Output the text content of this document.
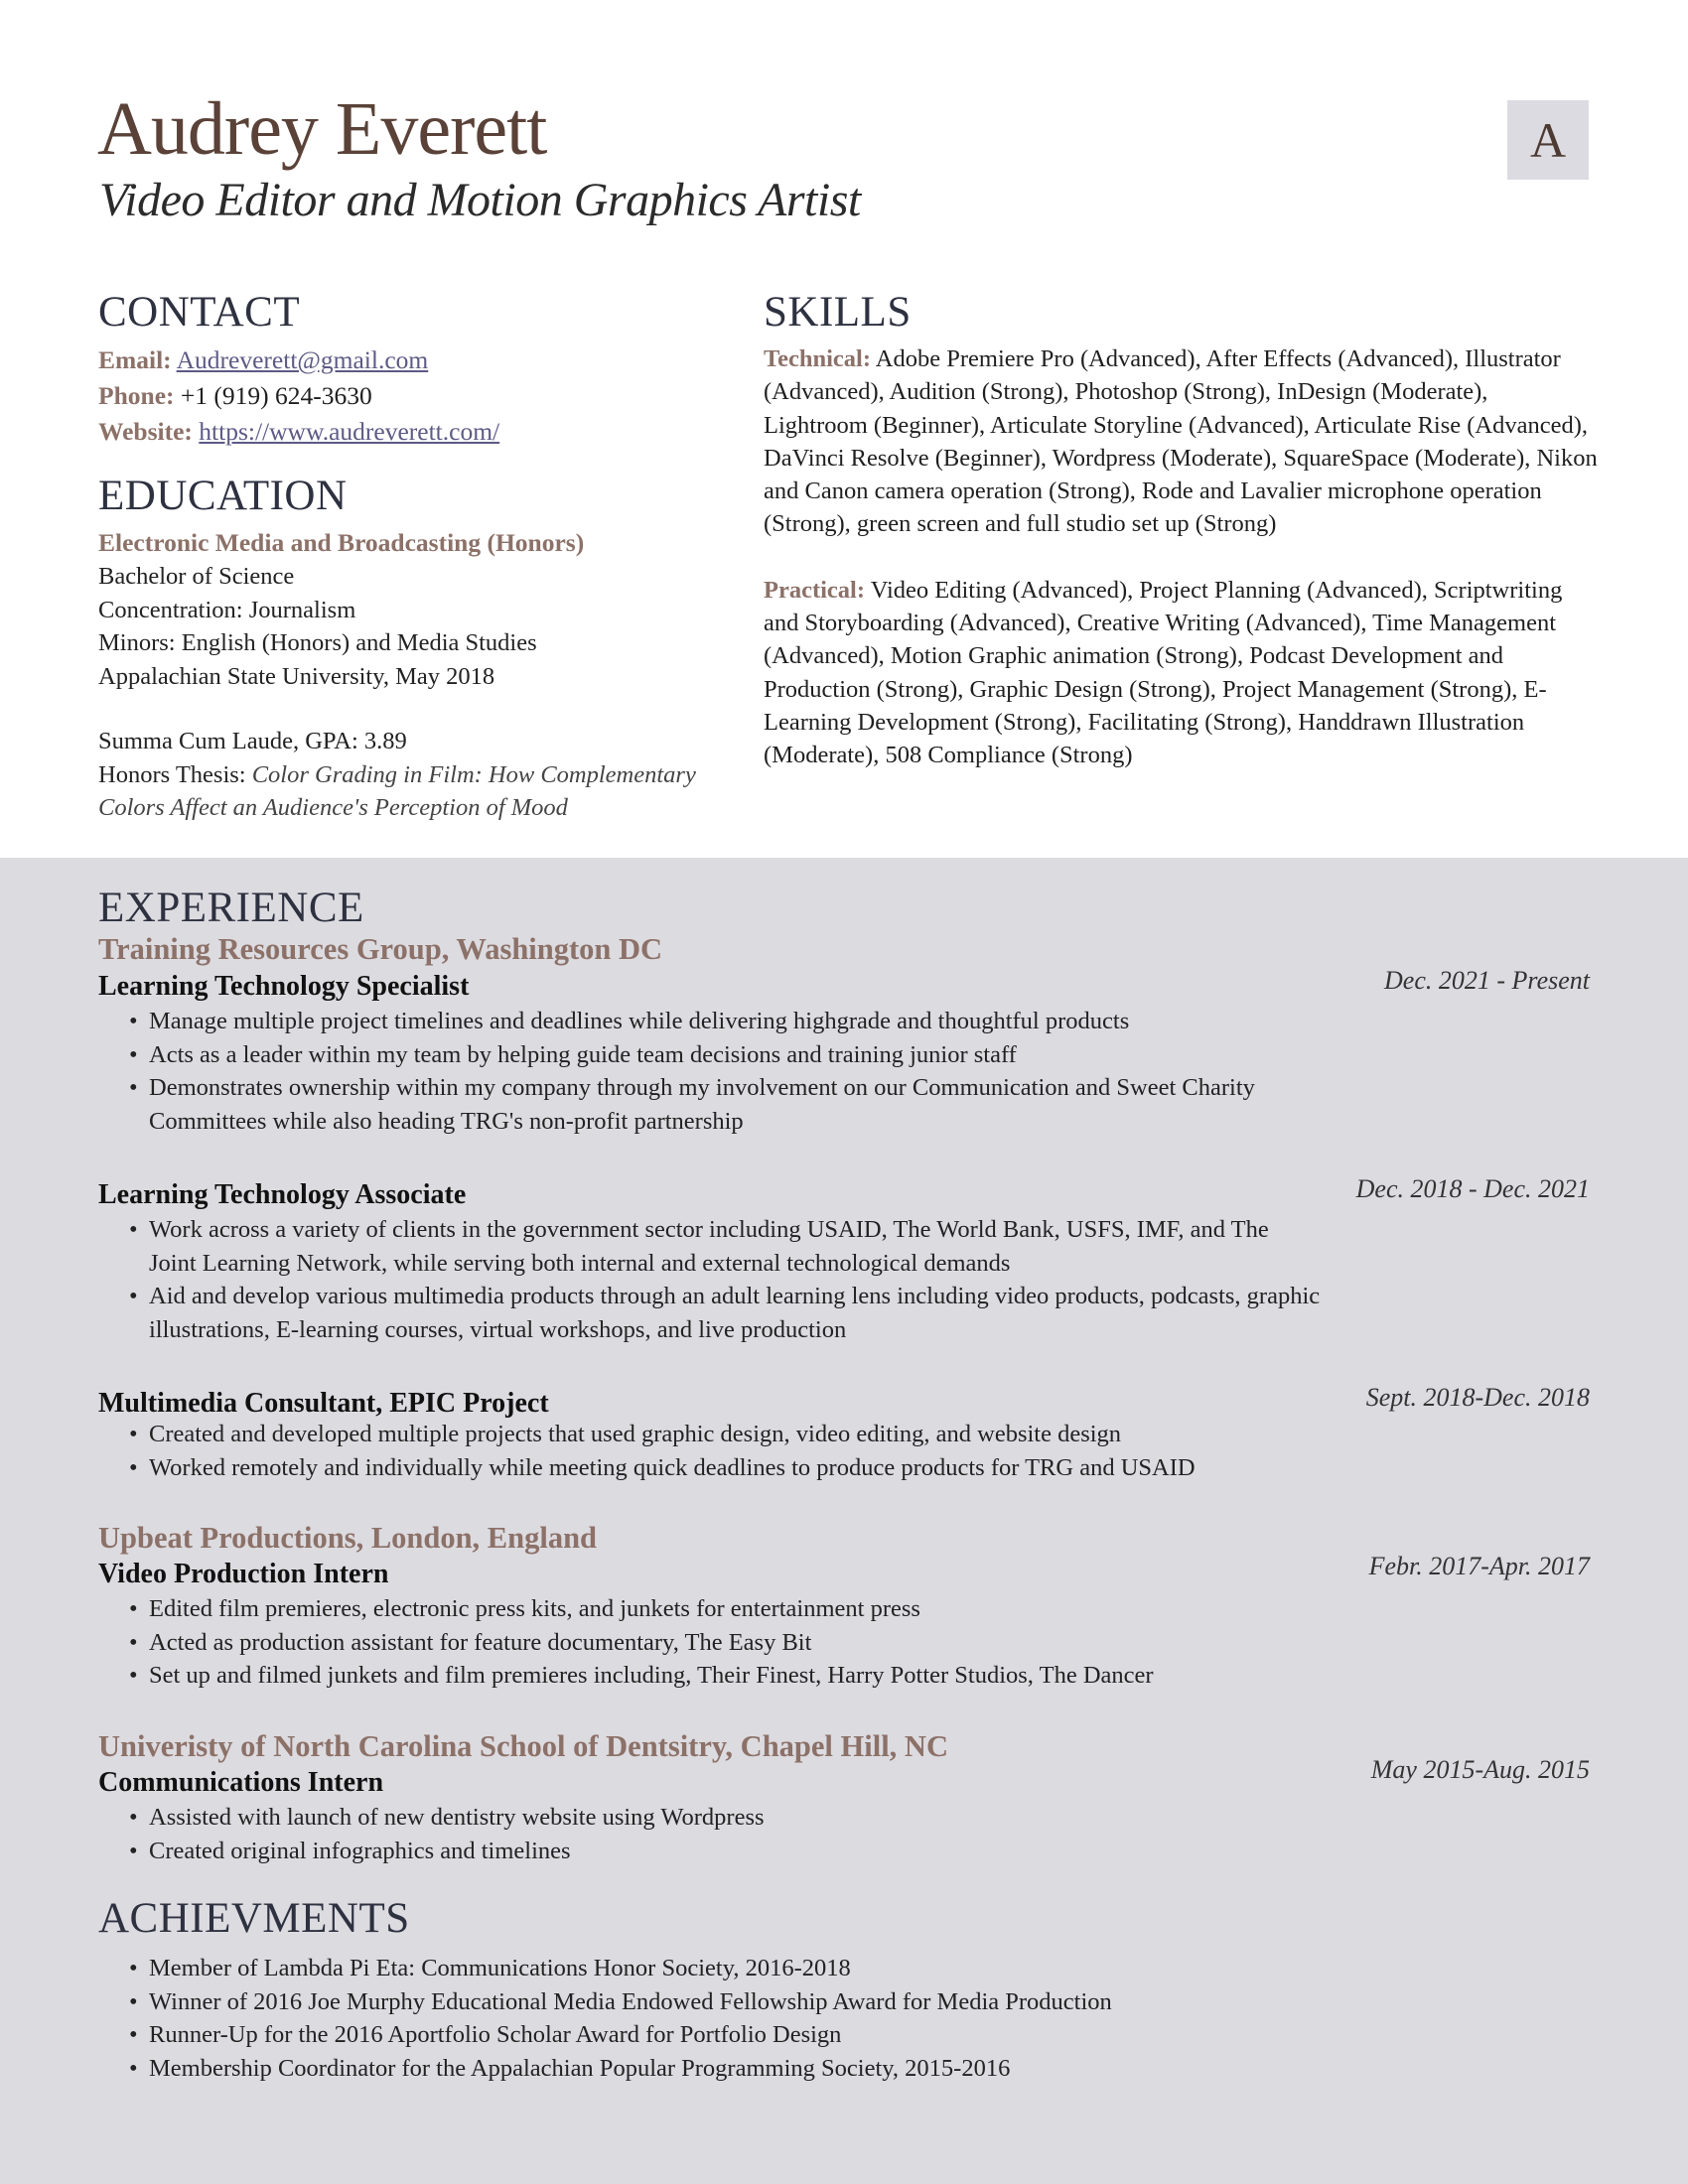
Audrey Everett
Video Editor and Motion Graphics Artist
A
CONTACT
Email: Audreverett@gmail.com
Phone: +1 (919) 624-3630
Website: https://www.audreverett.com/
EDUCATION
Electronic Media and Broadcasting (Honors)
Bachelor of Science
Concentration: Journalism
Minors: English (Honors) and Media Studies
Appalachian State University, May 2018
Summa Cum Laude, GPA: 3.89
Honors Thesis: Color Grading in Film: How Complementary Colors Affect an Audience's Perception of Mood
SKILLS

Technical: Adobe Premiere Pro (Advanced), After Effects (Advanced), Illustrator (Advanced), Audition (Strong), Photoshop (Strong), InDesign (Moderate), Lightroom (Beginner), Articulate Storyline (Advanced), Articulate Rise (Advanced), DaVinci Resolve (Beginner), Wordpress (Moderate), SquareSpace (Moderate), Nikon and Canon camera operation (Strong), Rode and Lavalier microphone operation (Strong), green screen and full studio set up (Strong)

Practical: Video Editing (Advanced), Project Planning (Advanced), Scriptwriting and Storyboarding (Advanced), Creative Writing (Advanced), Time Management (Advanced), Motion Graphic animation (Strong), Podcast Development and Production (Strong), Graphic Design (Strong), Project Management (Strong), E-Learning Development (Strong), Facilitating (Strong), Handdrawn Illustration (Moderate), 508 Compliance (Strong)

EXPERIENCE
Training Resources Group, Washington DC
Learning Technology Specialist	Dec. 2021 - Present
• Manage multiple project timelines and deadlines while delivering highgrade and thoughtful products
• Acts as a leader within my team by helping guide team decisions and training junior staff
• Demonstrates ownership within my company through my involvement on our Communication and Sweet Charity Committees while also heading TRG's non-profit partnership
Learning Technology Associate	Dec. 2018 - Dec. 2021
• Work across a variety of clients in the government sector including USAID, The World Bank, USFS, IMF, and The Joint Learning Network, while serving both internal and external technological demands
• Aid and develop various multimedia products through an adult learning lens including video products, podcasts, graphic illustrations, E-learning courses, virtual workshops, and live production
Multimedia Consultant, EPIC Project	Sept. 2018-Dec. 2018
• Created and developed multiple projects that used graphic design, video editing, and website design
• Worked remotely and individually while meeting quick deadlines to produce products for TRG and USAID
Upbeat Productions, London, England
Video Production Intern	Febr. 2017-Apr. 2017
• Edited film premieres, electronic press kits, and junkets for entertainment press
• Acted as production assistant for feature documentary, The Easy Bit
• Set up and filmed junkets and film premieres including, Their Finest, Harry Potter Studios, The Dancer
Univeristy of North Carolina School of Dentsitry, Chapel Hill, NC
Communications Intern	May 2015-Aug. 2015
• Assisted with launch of new dentistry website using Wordpress
• Created original infographics and timelines
ACHIEVMENTS
• Member of Lambda Pi Eta: Communications Honor Society, 2016-2018
• Winner of 2016 Joe Murphy Educational Media Endowed Fellowship Award for Media Production
• Runner-Up for the 2016 Aportfolio Scholar Award for Portfolio Design
• Membership Coordinator for the Appalachian Popular Programming Society, 2015-2016
